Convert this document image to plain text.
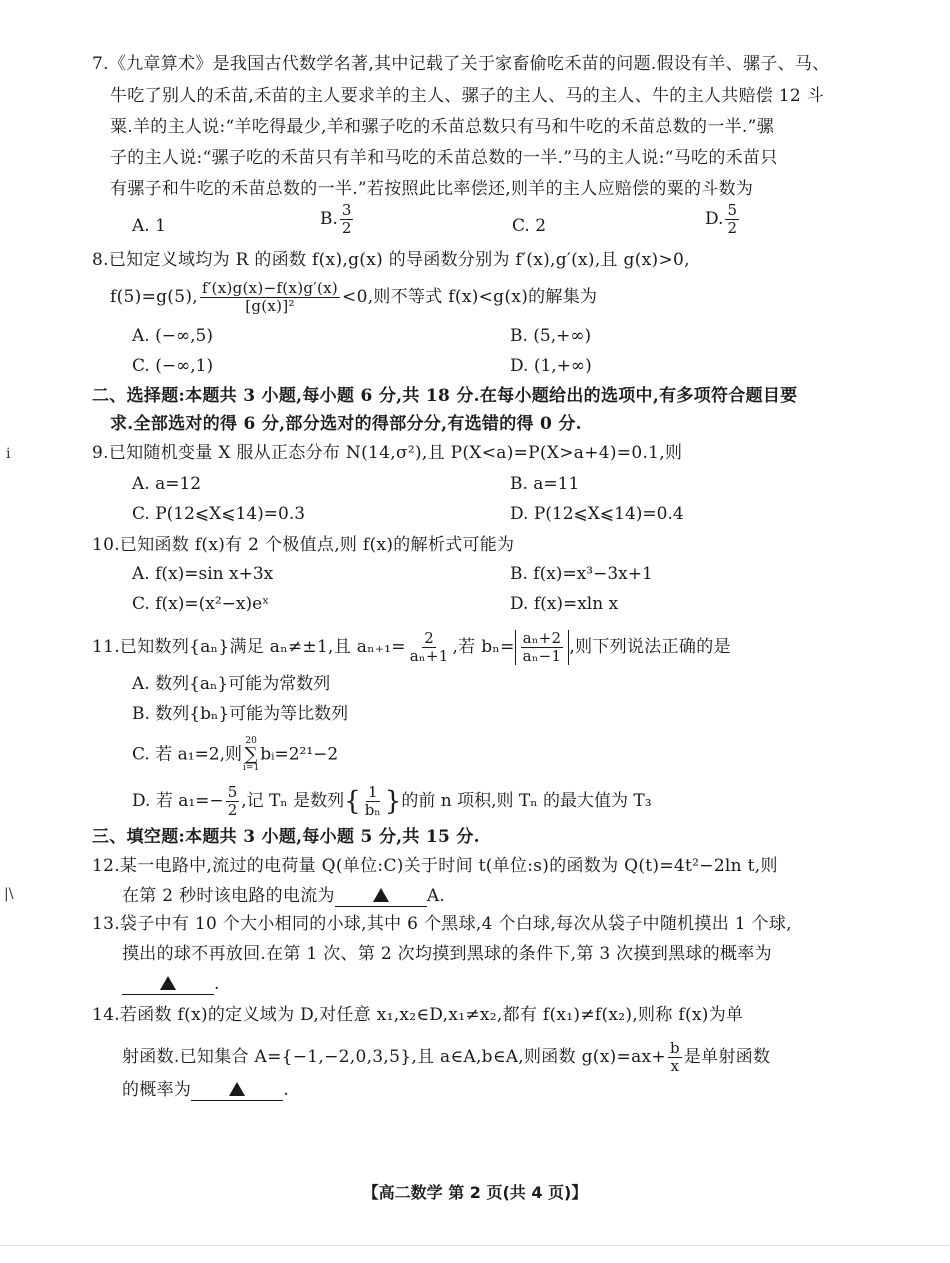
7.《九章算术》是我国古代数学名著,其中记载了关于家畜偷吃禾苗的问题.假设有羊、骡子、马、
牛吃了别人的禾苗,禾苗的主人要求羊的主人、骡子的主人、马的主人、牛的主人共赔偿 12 斗
粟.羊的主人说:“羊吃得最少,羊和骡子吃的禾苗总数只有马和牛吃的禾苗总数的一半.”骡
子的主人说:“骡子吃的禾苗只有羊和马吃的禾苗总数的一半.”马的主人说:“马吃的禾苗只
有骡子和牛吃的禾苗总数的一半.”若按照此比率偿还,则羊的主人应赔偿的粟的斗数为
A. 1	B. $\frac{3}{2}$	C. 2	D. $\frac{5}{2}$
8.已知定义域均为 R 的函数 f(x),g(x) 的导函数分别为 f′(x),g′(x),且 g(x)>0,
f(5)=g(5), $\frac{f'(x)g(x)-f(x)g'(x)}{\text{[g(x)]²}} <0$,则不等式 f(x)<g(x)的解集为
A. (−∞,5)	B. (5,+∞)
C. (−∞,1)	D. (1,+∞)
二、选择题:本题共 3 小题,每小题 6 分,共 18 分.在每小题给出的选项中,有多项符合题目要
求.全部选对的得 6 分,部分选对的得部分分,有选错的得 0 分.
9.已知随机变量 X 服从正态分布 N(14,σ²),且 P(X<a)=P(X>a+4)=0.1,则
A. a=12	B. a=11
C. P(12⩽X⩽14)=0.3	D. P(12⩽X⩽14)=0.4
10.已知函数 f(x)有 2 个极值点,则 f(x)的解析式可能为
A. f(x)=sin x+3x	B. f(x)=x³−3x+1
C. f(x)=(x²−x)eˣ	D. f(x)=xln x
11.已知数列{aₙ}满足 aₙ≠±1,且 $a_{n+1}= \frac{2}{\text{aₙ+1}}$ ,若 $b_n= \frac{\text{aₙ+2}}{\text{aₙ−1}}$ ,则下列说法正确的是
A. 数列{aₙ}可能为常数列
B. 数列{bₙ}可能为等比数列
C. 若 a₁=2,则
20
∑
i=1
bᵢ=2²¹−2
D. 若 $a_1=- \frac{5}{2}$ ,记 Tₙ 是数列{ $\frac{1}{\text{bₙ}}$ }的前 n 项积,则 Tₙ 的最大值为 T₃
三、填空题:本题共 3 小题,每小题 5 分,共 15 分.
12.某一电路中,流过的电荷量 Q(单位:C)关于时间 t(单位:s)的函数为 Q(t)=4t²−2ln t,则
在第 2 秒时该电路的电流为	A.
13.袋子中有 10 个大小相同的小球,其中 6 个黑球,4 个白球,每次从袋子中随机摸出 1 个球,
摸出的球不再放回.在第 1 次、第 2 次均摸到黑球的条件下,第 3 次摸到黑球的概率为
.
14.若函数 f(x)的定义域为 D,对任意 x₁,x₂∈D,x₁≠x₂,都有 f(x₁)≠f(x₂),则称 f(x)为单
射函数.已知集合 A={−1,−2,0,3,5},且 a∈A,b∈A,则函数 $g(x)=ax+ \frac{b}{x}$ 是单射函数
的概率为	.
【高二数学 第 2 页(共 4 页)】
i
|\
